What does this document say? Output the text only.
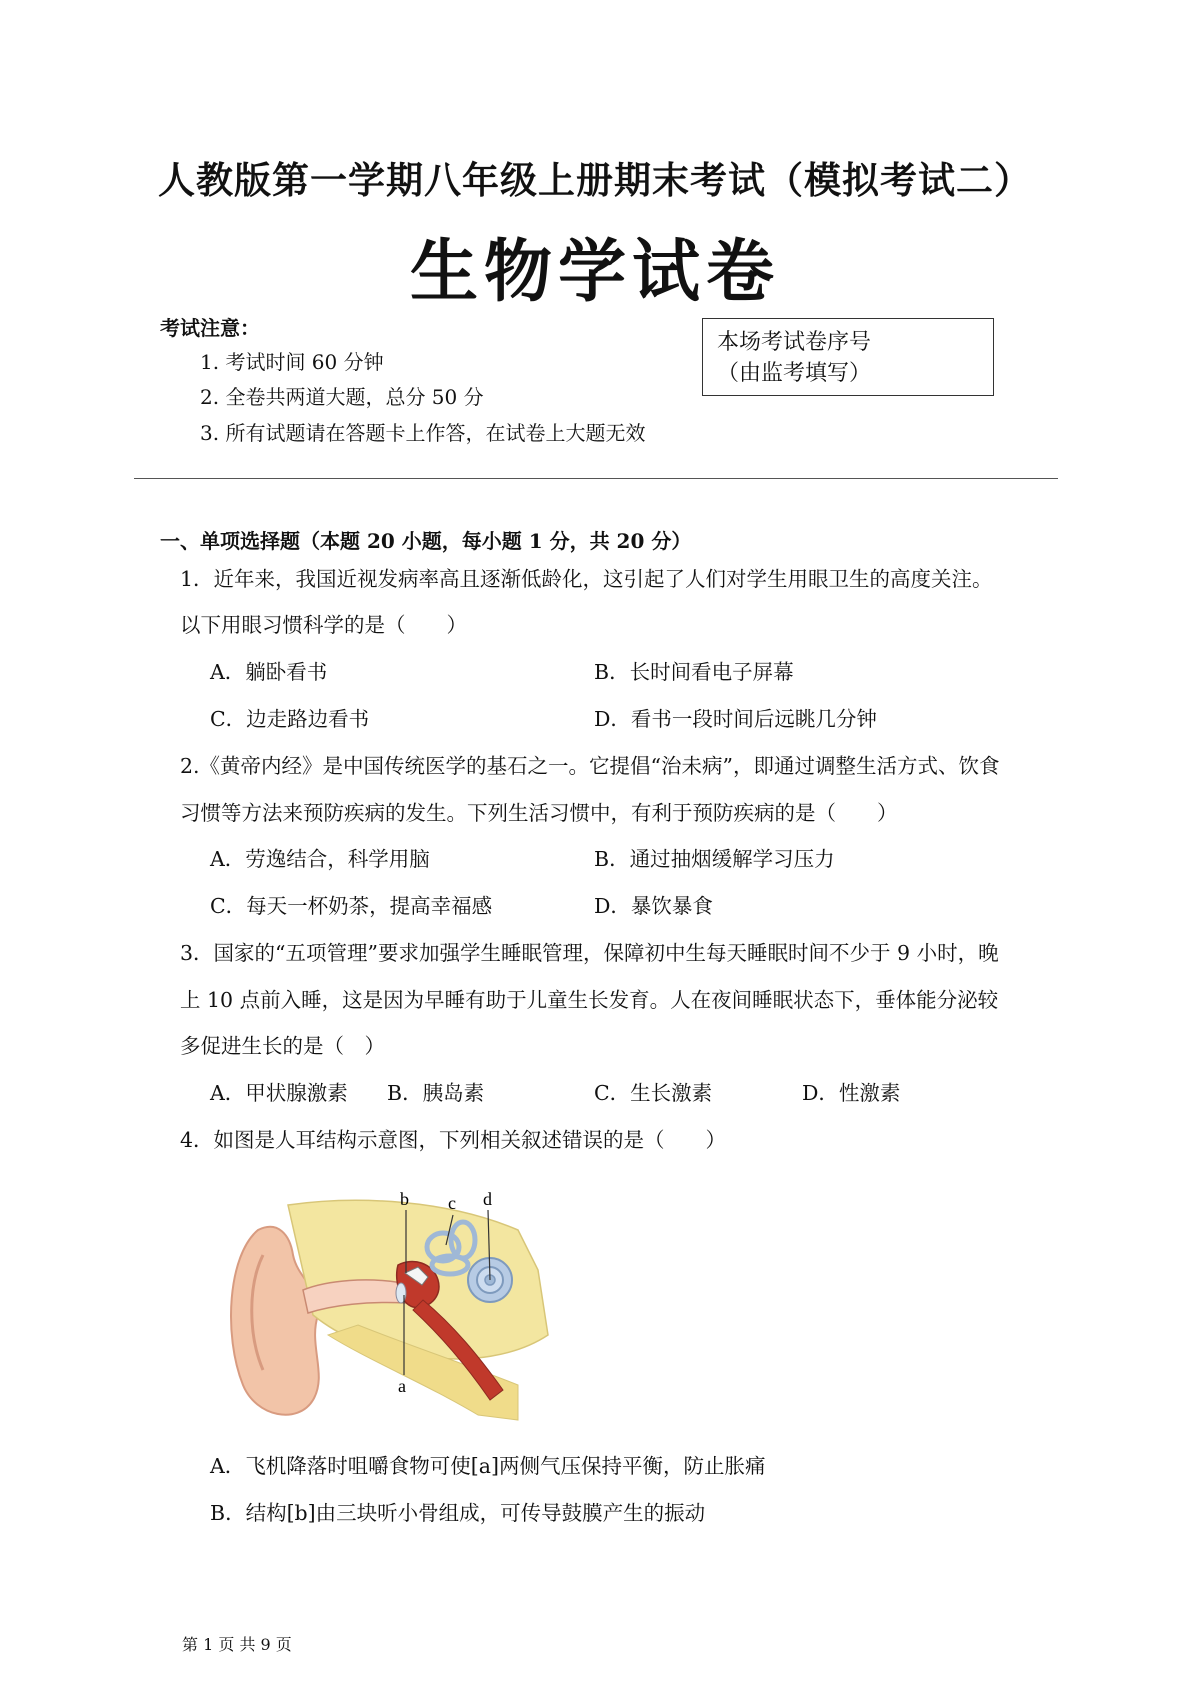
人教版第一学期八年级上册期末考试（模拟考试二）
生物学试卷
考试注意：
1. 考试时间 60 分钟
2. 全卷共两道大题，总分 50 分
3. 所有试题请在答题卡上作答，在试卷上大题无效
本场考试卷序号
（由监考填写）
一、单项选择题（本题 20 小题，每小题 1 分，共 20 分）
1．近年来，我国近视发病率高且逐渐低龄化，这引起了人们对学生用眼卫生的高度关注。
以下用眼习惯科学的是（　　）
A．躺卧看书	B．长时间看电子屏幕
C．边走路边看书	D．看书一段时间后远眺几分钟
2.《黄帝内经》是中国传统医学的基石之一。它提倡“治未病”，即通过调整生活方式、饮食
习惯等方法来预防疾病的发生。下列生活习惯中，有利于预防疾病的是（　　）
A．劳逸结合，科学用脑	B．通过抽烟缓解学习压力
C．每天一杯奶茶，提高幸福感	D．暴饮暴食
3．国家的“五项管理”要求加强学生睡眠管理，保障初中生每天睡眠时间不少于 9 小时，晚
上 10 点前入睡，这是因为早睡有助于儿童生长发育。人在夜间睡眠状态下，垂体能分泌较
多促进生长的是（　）
A．甲状腺激素 B．胰岛素	C．生长激素	D．性激素
4．如图是人耳结构示意图，下列相关叙述错误的是（　　）
b c d
a
A．飞机降落时咀嚼食物可使[a]两侧气压保持平衡，防止胀痛
B．结构[b]由三块听小骨组成，可传导鼓膜产生的振动
第 1 页 共 9 页
